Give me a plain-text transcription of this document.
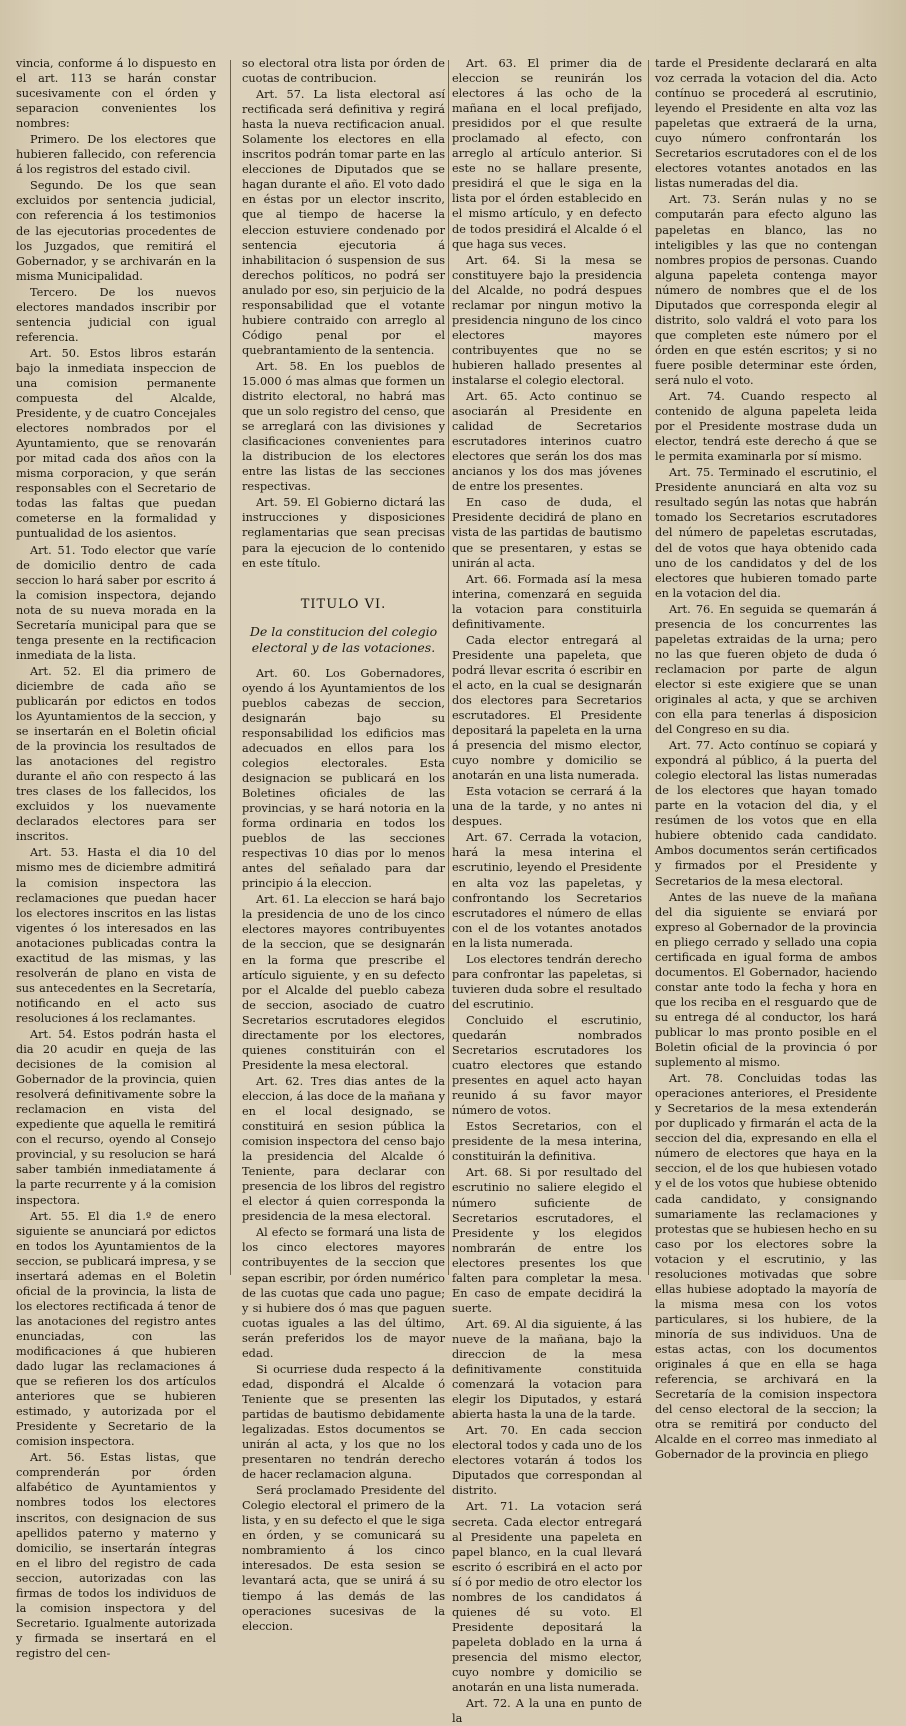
vincia, conforme á lo dispuesto en el art. 113 se harán constar sucesivamente con el órden y separacion convenientes los nombres:

Primero. De los electores que hubieren fallecido, con referencia á los registros del estado civil.

Segundo. De los que sean excluidos por sentencia judicial, con referencia á los testimonios de las ejecutorias procedentes de los Juzgados, que remitirá el Gobernador, y se archivarán en la misma Municipalidad.

Tercero. De los nuevos electores mandados inscribir por sentencia judicial con igual referencia.

Art. 50. Estos libros estarán bajo la inmediata inspeccion de una comision permanente compuesta del Alcalde, Presidente, y de cuatro Concejales electores nombrados por el Ayuntamiento, que se renovarán por mitad cada dos años con la misma corporacion, y que serán responsables con el Secretario de todas las faltas que puedan cometerse en la formalidad y puntualidad de los asientos.

Art. 51. Todo elector que varíe de domicilio dentro de cada seccion lo hará saber por escrito á la comision inspectora, dejando nota de su nueva morada en la Secretaría municipal para que se tenga presente en la rectificacion inmediata de la lista.

Art. 52. El dia primero de diciembre de cada año se publicarán por edictos en todos los Ayuntamientos de la seccion, y se insertarán en el Boletin oficial de la provincia los resultados de las anotaciones del registro durante el año con respecto á las tres clases de los fallecidos, los excluidos y los nuevamente declarados electores para ser inscritos.

Art. 53. Hasta el dia 10 del mismo mes de diciembre admitirá la comision inspectora las reclamaciones que puedan hacer los electores inscritos en las listas vigentes ó los interesados en las anotaciones publicadas contra la exactitud de las mismas, y las resolverán de plano en vista de sus antecedentes en la Secretaría, notificando en el acto sus resoluciones á los reclamantes.

Art. 54. Estos podrán hasta el dia 20 acudir en queja de las decisiones de la comision al Gobernador de la provincia, quien resolverá definitivamente sobre la reclamacion en vista del expediente que aquella le remitirá con el recurso, oyendo al Consejo provincial, y su resolucion se hará saber también inmediatamente á la parte recurrente y á la comision inspectora.

Art. 55. El dia 1.º de enero siguiente se anunciará por edictos en todos los Ayuntamientos de la seccion, se publicará impresa, y se insertará ademas en el Boletin oficial de la provincia, la lista de los electores rectificada á tenor de las anotaciones del registro antes enunciadas, con las modificaciones á que hubieren dado lugar las reclamaciones á que se refieren los dos artículos anteriores que se hubieren estimado, y autorizada por el Presidente y Secretario de la comision inspectora.

Art. 56. Estas listas, que comprenderán por órden alfabético de Ayuntamientos y nombres todos los electores inscritos, con designacion de sus apellidos paterno y materno y domicilio, se insertarán íntegras en el libro del registro de cada seccion, autorizadas con las firmas de todos los individuos de la comision inspectora y del Secretario. Igualmente autorizada y firmada se insertará en el registro del cen-

so electoral otra lista por órden de cuotas de contribucion.

Art. 57. La lista electoral así rectificada será definitiva y regirá hasta la nueva rectificacion anual. Solamente los electores en ella inscritos podrán tomar parte en las elecciones de Diputados que se hagan durante el año. El voto dado en éstas por un elector inscrito, que al tiempo de hacerse la eleccion estuviere condenado por sentencia ejecutoria á inhabilitacion ó suspension de sus derechos políticos, no podrá ser anulado por eso, sin perjuicio de la responsabilidad que el votante hubiere contraido con arreglo al Código penal por el quebrantamiento de la sentencia.

Art. 58. En los pueblos de 15.000 ó mas almas que formen un distrito electoral, no habrá mas que un solo registro del censo, que se arreglará con las divisiones y clasificaciones convenientes para la distribucion de los electores entre las listas de las secciones respectivas.

Art. 59. El Gobierno dictará las instrucciones y disposiciones reglamentarias que sean precisas para la ejecucion de lo contenido en este título.

TITULO VI.
De la constitucion del colegio electoral y de las votaciones.

Art. 60. Los Gobernadores, oyendo á los Ayuntamientos de los pueblos cabezas de seccion, designarán bajo su responsabilidad los edificios mas adecuados en ellos para los colegios electorales. Esta designacion se publicará en los Boletines oficiales de las provincias, y se hará notoria en la forma ordinaria en todos los pueblos de las secciones respectivas 10 dias por lo menos antes del señalado para dar principio á la eleccion.

Art. 61. La eleccion se hará bajo la presidencia de uno de los cinco electores mayores contribuyentes de la seccion, que se designarán en la forma que prescribe el artículo siguiente, y en su defecto por el Alcalde del pueblo cabeza de seccion, asociado de cuatro Secretarios escrutadores elegidos directamente por los electores, quienes constituirán con el Presidente la mesa electoral.

Art. 62. Tres dias antes de la eleccion, á las doce de la mañana y en el local designado, se constituirá en sesion pública la comision inspectora del censo bajo la presidencia del Alcalde ó Teniente, para declarar con presencia de los libros del registro el elector á quien corresponda la presidencia de la mesa electoral.

Al efecto se formará una lista de los cinco electores mayores contribuyentes de la seccion que sepan escribir, por órden numérico de las cuotas que cada uno pague; y si hubiere dos ó mas que paguen cuotas iguales a las del último, serán preferidos los de mayor edad.

Si ocurriese duda respecto á la edad, dispondrá el Alcalde ó Teniente que se presenten las partidas de bautismo debidamente legalizadas. Estos documentos se unirán al acta, y los que no los presentaren no tendrán derecho de hacer reclamacion alguna.

Será proclamado Presidente del Colegio electoral el primero de la lista, y en su defecto el que le siga en órden, y se comunicará su nombramiento á los cinco interesados. De esta sesion se levantará acta, que se unirá á su tiempo á las demás de las operaciones sucesivas de la eleccion.

Art. 63. El primer dia de eleccion se reunirán los electores á las ocho de la mañana en el local prefijado, presididos por el que resulte proclamado al efecto, con arreglo al artículo anterior. Si este no se hallare presente, presidirá el que le siga en la lista por el órden establecido en el mismo artículo, y en defecto de todos presidirá el Alcalde ó el que haga sus veces.

Art. 64. Si la mesa se constituyere bajo la presidencia del Alcalde, no podrá despues reclamar por ningun motivo la presidencia ninguno de los cinco electores mayores contribuyentes que no se hubieren hallado presentes al instalarse el colegio electoral.

Art. 65. Acto continuo se asociarán al Presidente en calidad de Secretarios escrutadores interinos cuatro electores que serán los dos mas ancianos y los dos mas jóvenes de entre los presentes.

En caso de duda, el Presidente decidirá de plano en vista de las partidas de bautismo que se presentaren, y estas se unirán al acta.

Art. 66. Formada así la mesa interina, comenzará en seguida la votacion para constituirla definitivamente.

Cada elector entregará al Presidente una papeleta, que podrá llevar escrita ó escribir en el acto, en la cual se designarán dos electores para Secretarios escrutadores. El Presidente depositará la papeleta en la urna á presencia del mismo elector, cuyo nombre y domicilio se anotarán en una lista numerada.

Esta votacion se cerrará á la una de la tarde, y no antes ni despues.

Art. 67. Cerrada la votacion, hará la mesa interina el escrutinio, leyendo el Presidente en alta voz las papeletas, y confrontando los Secretarios escrutadores el número de ellas con el de los votantes anotados en la lista numerada.

Los electores tendrán derecho para confrontar las papeletas, si tuvieren duda sobre el resultado del escrutinio.

Concluido el escrutinio, quedarán nombrados Secretarios escrutadores los cuatro electores que estando presentes en aquel acto hayan reunido á su favor mayor número de votos.

Estos Secretarios, con el presidente de la mesa interina, constituirán la definitiva.

Art. 68. Si por resultado del escrutinio no saliere elegido el número suficiente de Secretarios escrutadores, el Presidente y los elegidos nombrarán de entre los electores presentes los que falten para completar la mesa. En caso de empate decidirá la suerte.

Art. 69. Al dia siguiente, á las nueve de la mañana, bajo la direccion de la mesa definitivamente constituida comenzará la votacion para elegir los Diputados, y estará abierta hasta la una de la tarde.

Art. 70. En cada seccion electoral todos y cada uno de los electores votarán á todos los Diputados que correspondan al distrito.

Art. 71. La votacion será secreta. Cada elector entregará al Presidente una papeleta en papel blanco, en la cual llevará escrito ó escribirá en el acto por sí ó por medio de otro elector los nombres de los candidatos á quienes dé su voto. El Presidente depositará la papeleta doblado en la urna á presencia del mismo elector, cuyo nombre y domicilio se anotarán en una lista numerada.

Art. 72. A la una en punto de la

tarde el Presidente declarará en alta voz cerrada la votacion del dia. Acto contínuo se procederá al escrutinio, leyendo el Presidente en alta voz las papeletas que extraerá de la urna, cuyo número confrontarán los Secretarios escrutadores con el de los electores votantes anotados en las listas numeradas del dia.

Art. 73. Serán nulas y no se computarán para efecto alguno las papeletas en blanco, las no inteligibles y las que no contengan nombres propios de personas. Cuando alguna papeleta contenga mayor número de nombres que el de los Diputados que corresponda elegir al distrito, solo valdrá el voto para los que completen este número por el órden en que estén escritos; y si no fuere posible determinar este órden, será nulo el voto.

Art. 74. Cuando respecto al contenido de alguna papeleta leida por el Presidente mostrase duda un elector, tendrá este derecho á que se le permita examinarla por sí mismo.

Art. 75. Terminado el escrutinio, el Presidente anunciará en alta voz su resultado según las notas que habrán tomado los Secretarios escrutadores del número de papeletas escrutadas, del de votos que haya obtenido cada uno de los candidatos y del de los electores que hubieren tomado parte en la votacion del dia.

Art. 76. En seguida se quemarán á presencia de los concurrentes las papeletas extraidas de la urna; pero no las que fueren objeto de duda ó reclamacion por parte de algun elector si este exigiere que se unan originales al acta, y que se archiven con ella para tenerlas á disposicion del Congreso en su dia.

Art. 77. Acto contínuo se copiará y expondrá al público, á la puerta del colegio electoral las listas numeradas de los electores que hayan tomado parte en la votacion del dia, y el resúmen de los votos que en ella hubiere obtenido cada candidato. Ambos documentos serán certificados y firmados por el Presidente y Secretarios de la mesa electoral.

Antes de las nueve de la mañana del dia siguiente se enviará por expreso al Gobernador de la provincia en pliego cerrado y sellado una copia certificada en igual forma de ambos documentos. El Gobernador, haciendo constar ante todo la fecha y hora en que los reciba en el resguardo que de su entrega dé al conductor, los hará publicar lo mas pronto posible en el Boletin oficial de la provincia ó por suplemento al mismo.

Art. 78. Concluidas todas las operaciones anteriores, el Presidente y Secretarios de la mesa extenderán por duplicado y firmarán el acta de la seccion del dia, expresando en ella el número de electores que haya en la seccion, el de los que hubiesen votado y el de los votos que hubiese obtenido cada candidato, y consignando sumariamente las reclamaciones y protestas que se hubiesen hecho en su caso por los electores sobre la votacion y el escrutinio, y las resoluciones motivadas que sobre ellas hubiese adoptado la mayoría de la misma mesa con los votos particulares, si los hubiere, de la minoría de sus individuos. Una de estas actas, con los documentos originales á que en ella se haga referencia, se archivará en la Secretaría de la comision inspectora del censo electoral de la seccion; la otra se remitirá por conducto del Alcalde en el correo mas inmediato al Gobernador de la provincia en pliego
